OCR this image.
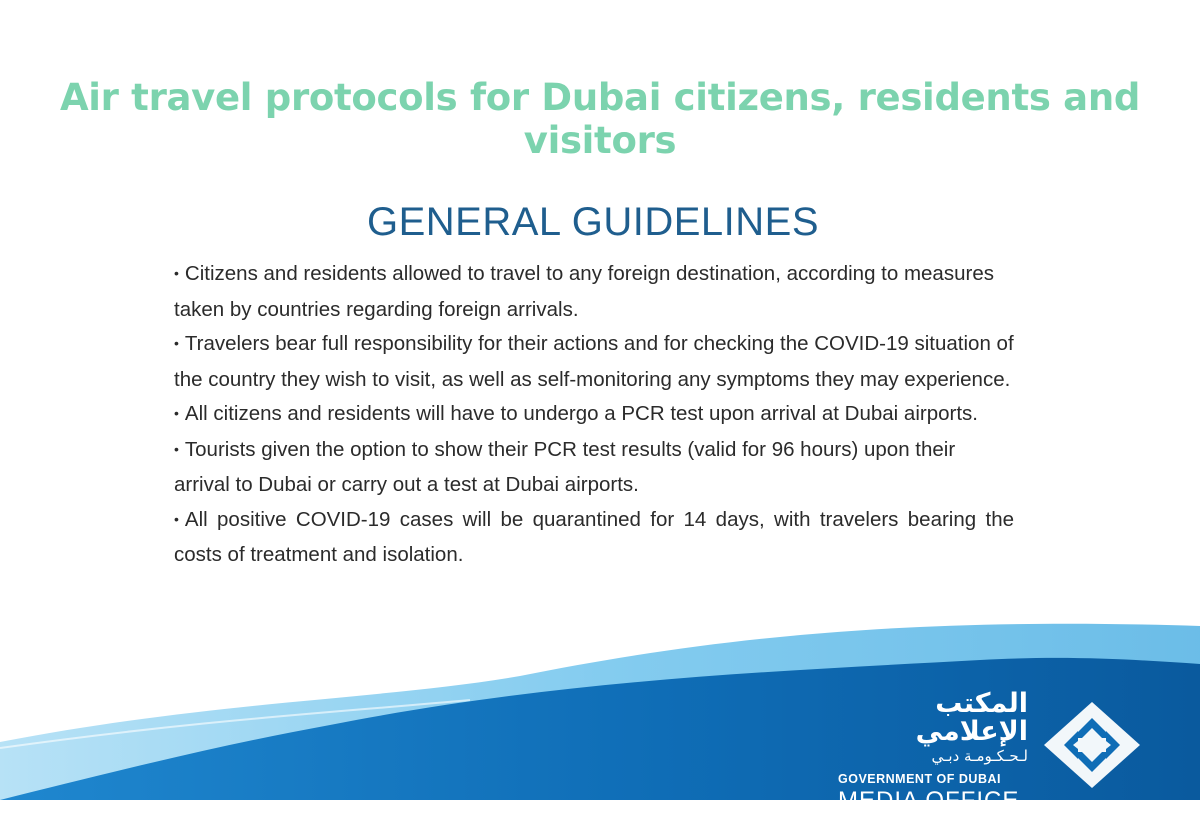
Air travel protocols for Dubai citizens, residents and visitors
GENERAL GUIDELINES
• Citizens and residents allowed to travel to any foreign destination, according to measures taken by countries regarding foreign arrivals.
• Travelers bear full responsibility for their actions and for checking the COVID-19 situation of the country they wish to visit, as well as self-monitoring any symptoms they may experience.
• All citizens and residents will have to undergo a PCR test upon arrival at Dubai airports.
• Tourists given the option to show their PCR test results (valid for 96 hours) upon their arrival to Dubai or carry out a test at Dubai airports.
• All positive COVID-19 cases will be quarantined for 14 days, with travelers bearing the costs of treatment and isolation.
المكتب الإعلامي
لـحـكـومـة دبـي
GOVERNMENT OF DUBAI
MEDIA OFFICE
